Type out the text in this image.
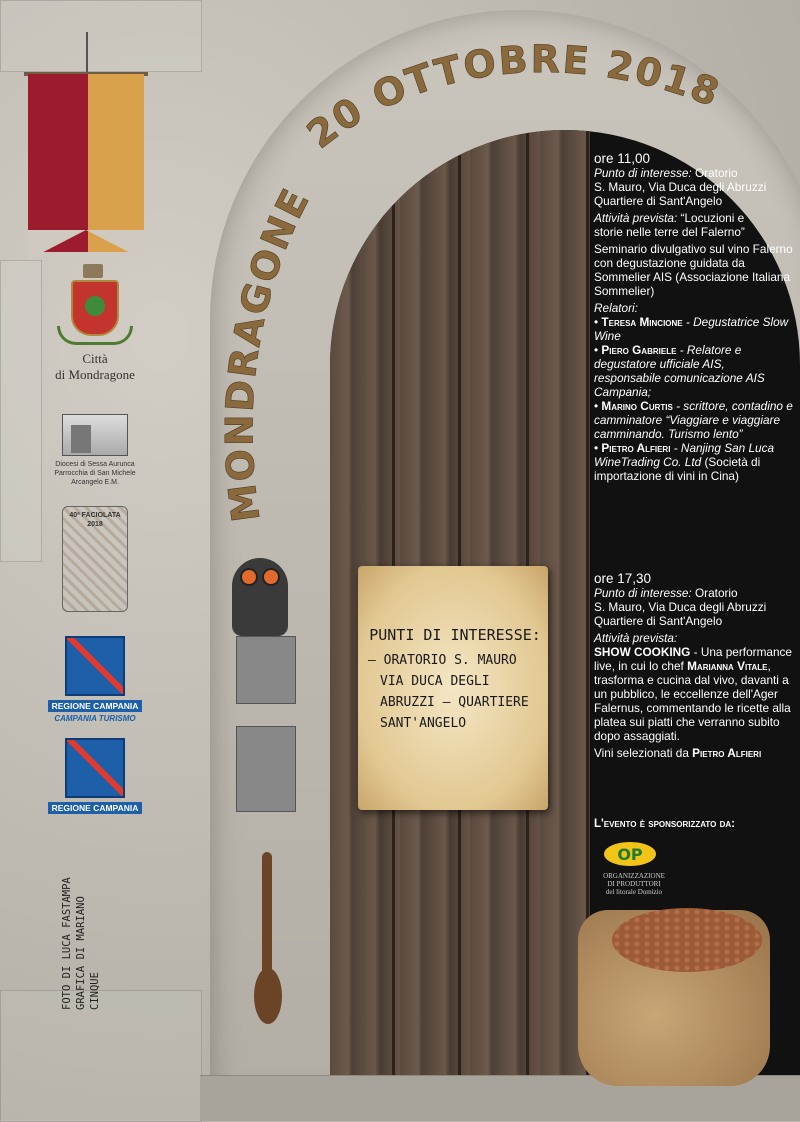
20 OTTOBRE 2018
MONDRAGONE
Città
di Mondragone
Diocesi di Sessa Aurunca
Parrocchia di San Michele
Arcangelo E.M.
40ª FACIOLATA 2018
REGIONE CAMPANIA
CAMPANIA TURISMO
REGIONE CAMPANIA
FOTO DI LUCA FASTAMPA GRAFICA DI MARIANO CINQUE
PUNTI DI INTERESSE:
– ORATORIO S. MAURO
VIA DUCA DEGLI
ABRUZZI – QUARTIERE
SANT'ANGELO
ore 11,00
Punto di interesse: Oratorio
S. Mauro, Via Duca degli Abruzzi
Quartiere di Sant'Angelo
Attività prevista: “Locuzioni e
storie nelle terre del Falerno”
Seminario divulgativo sul vino Falerno con degustazione guidata da Sommelier AIS (Associazione Italiana Sommelier)
Relatori:
• Teresa Mincione - Degustatrice Slow Wine
• Piero Gabriele - Relatore e degustatore ufficiale AIS, responsabile comunicazione AIS Campania;
• Marino Curtis - scrittore, contadino e camminatore “Viaggiare e viaggiare camminando. Turismo lento”
• Pietro Alfieri - Nanjing San Luca WineTrading Co. Ltd (Società di importazione di vini in Cina)
ore 17,30
Punto di interesse: Oratorio
S. Mauro, Via Duca degli Abruzzi
Quartiere di Sant'Angelo
Attività prevista:
SHOW COOKING - Una performance live, in cui lo chef Marianna Vitale, trasforma e cucina dal vivo, davanti a un pubblico, le eccellenze dell'Ager Falernus, commentando le ricette alla platea sui piatti che verranno subito dopo assaggiati.
Vini selezionati da Pietro Alfieri
L'evento è sponsorizzato da:
OP
ORGANIZZAZIONE
DI PRODUTTORI
del litorale Domizio
